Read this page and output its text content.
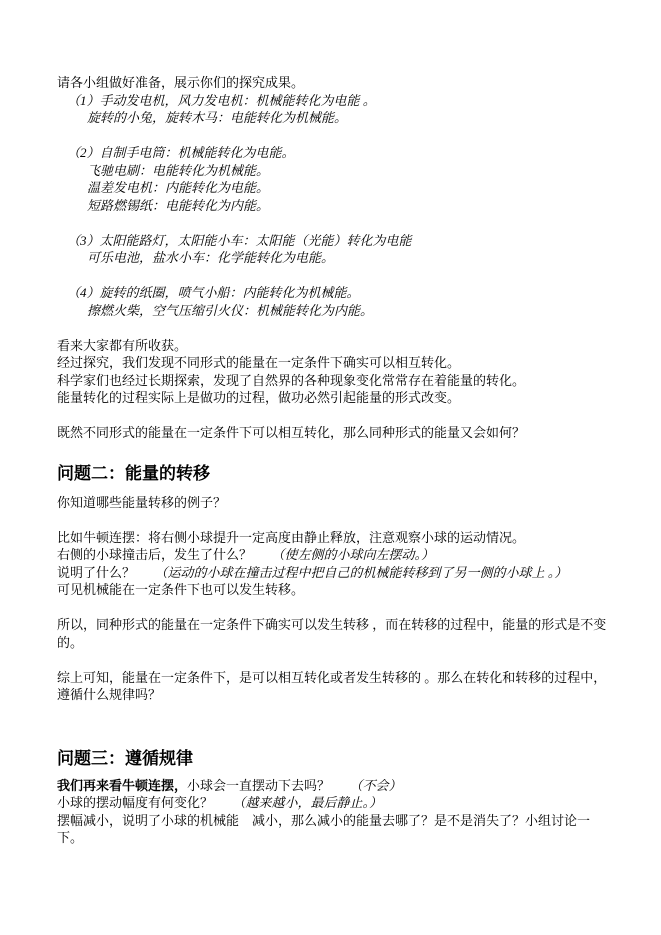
请各小组做好准备，展示你们的探究成果。

（1）手动发电机，风力发电机：机械能转化为电能 。

旋转的小兔，旋转木马：电能转化为机械能。

（2）自制手电筒：机械能转化为电能。

飞驰电刷：电能转化为机械能。

温差发电机：内能转化为电能。

短路燃锡纸：电能转化为内能。

（3）太阳能路灯，太阳能小车：太阳能（光能）转化为电能

可乐电池，盐水小车：化学能转化为电能。

（4）旋转的纸圈，喷气小船：内能转化为机械能。

擦燃火柴，空气压缩引火仪：机械能转化为内能。

看来大家都有所收获。

经过探究，我们发现不同形式的能量在一定条件下确实可以相互转化。

科学家们也经过长期探索，发现了自然界的各种现象变化常常存在着能量的转化。

能量转化的过程实际上是做功的过程，做功必然引起能量的形式改变。

既然不同形式的能量在一定条件下可以相互转化，那么同种形式的能量又会如何？

问题二：能量的转移

你知道哪些能量转移的例子？

比如牛顿连摆：将右侧小球提升一定高度由静止释放，注意观察小球的运动情况。

右侧的小球撞击后，发生了什么？ （使左侧的小球向左摆动。）

说明了什么？ （运动的小球在撞击过程中把自己的机械能转移到了另一侧的小球上 。）

可见机械能在一定条件下也可以发生转移。

所以，同种形式的能量在一定条件下确实可以发生转移 ，而在转移的过程中，能量的形式是不变的。

综上可知，能量在一定条件下，是可以相互转化或者发生转移的 。那么在转化和转移的过程中，遵循什么规律吗？

问题三：遵循规律

我们再来看牛顿连摆，小球会一直摆动下去吗？ （不会）

小球的摆动幅度有何变化？ （越来越小，最后静止。）

摆幅减小，说明了小球的机械能　减小，那么减小的能量去哪了？是不是消失了？小组讨论一下。
